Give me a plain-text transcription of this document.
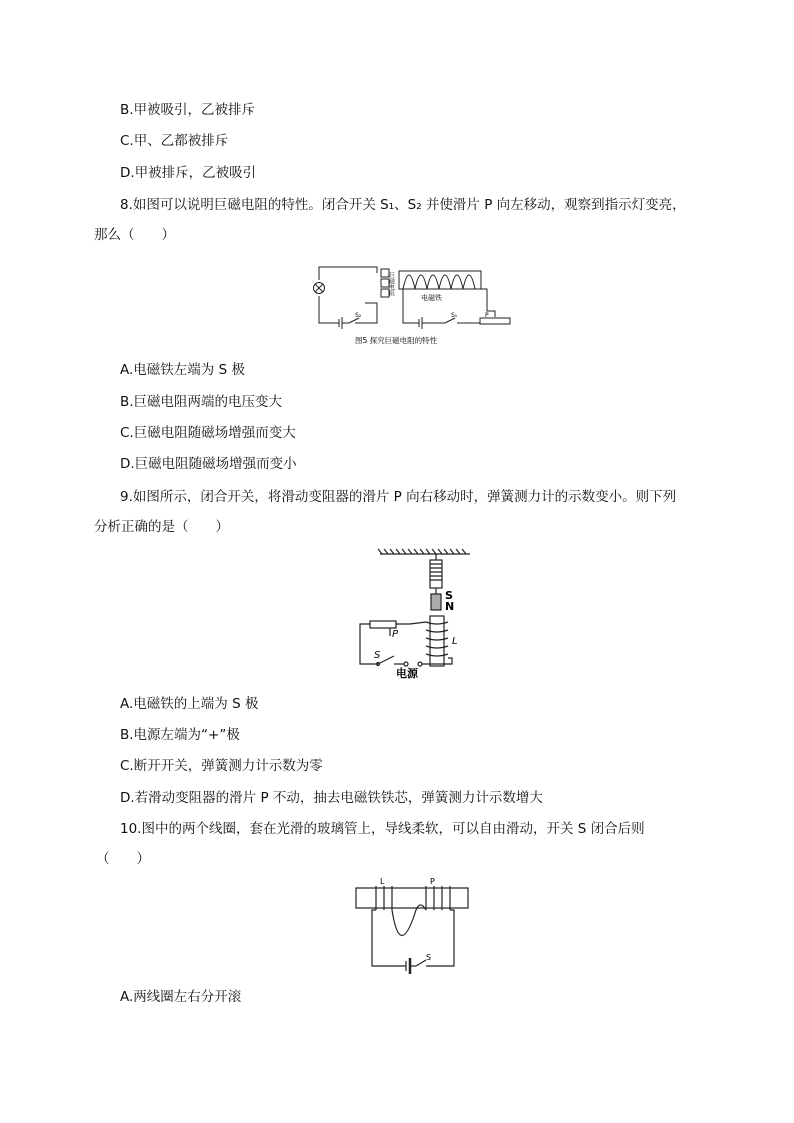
B.甲被吸引，乙被排斥
C.甲、乙都被排斥
D.甲被排斥，乙被吸引
8.如图可以说明巨磁电阻的特性。闭合开关 S₁、S₂ 并使滑片 P 向左移动，观察到指示灯变亮，
那么（　　）
巨磁电阻
电磁铁
S₂	S₁	P
图5 探究巨磁电阻的特性
A.电磁铁左端为 S 极
B.巨磁电阻两端的电压变大
C.巨磁电阻随磁场增强而变大
D.巨磁电阻随磁场增强而变小
9.如图所示，闭合开关，将滑动变阻器的滑片 P 向右移动时，弹簧测力计的示数变小。则下列
分析正确的是（　　）
S
N
P
L
S
电源
A.电磁铁的上端为 S 极
B.电源左端为“+”极
C.断开开关，弹簧测力计示数为零
D.若滑动变阻器的滑片 P 不动，抽去电磁铁铁芯，弹簧测力计示数增大
10.图中的两个线圈，套在光滑的玻璃管上，导线柔软，可以自由滑动，开关 S 闭合后则
（　　）
L	P
S
A.两线圈左右分开滚
